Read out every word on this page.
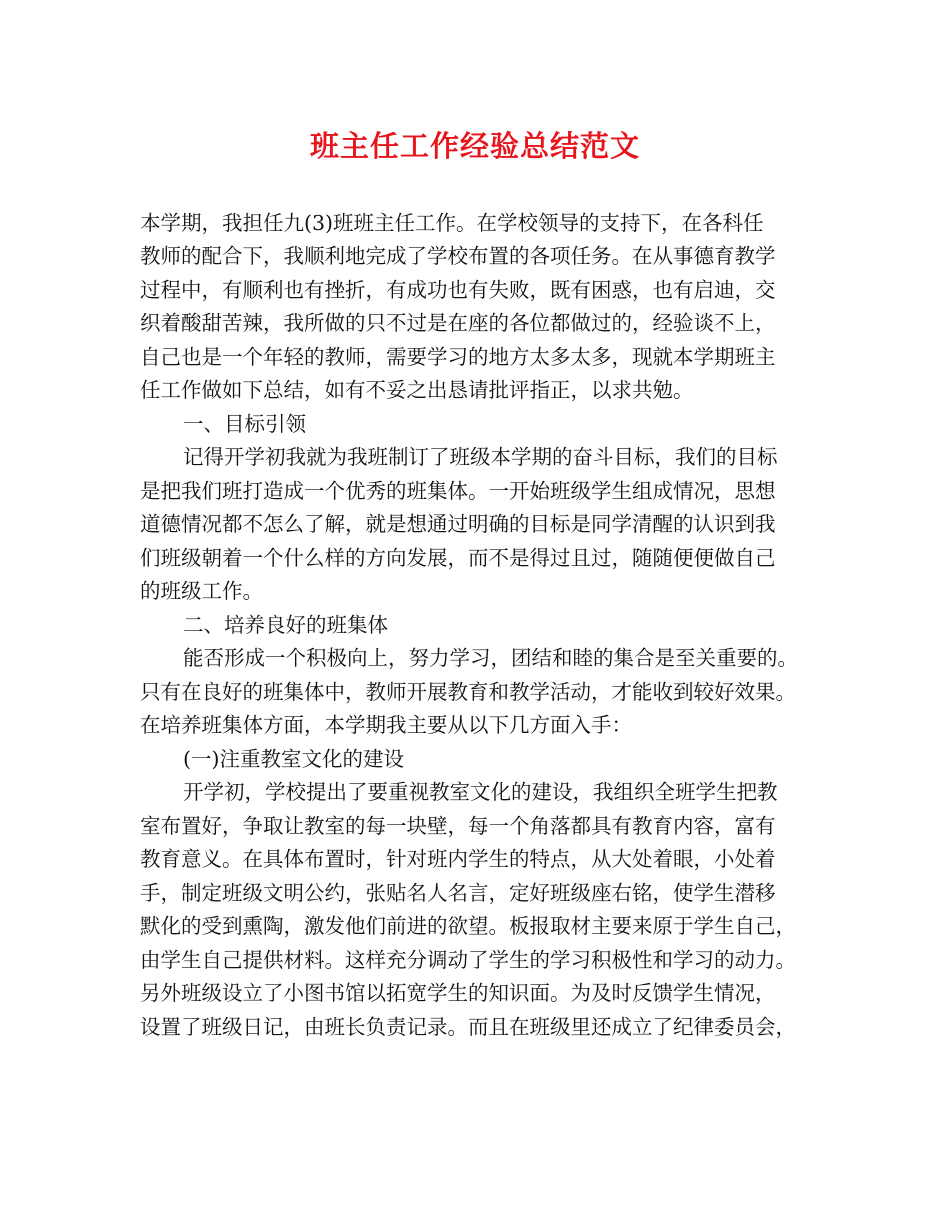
班主任工作经验总结范文
本学期，我担任九(3)班班主任工作。在学校领导的支持下，在各科任
教师的配合下，我顺利地完成了学校布置的各项任务。在从事德育教学
过程中，有顺利也有挫折，有成功也有失败，既有困惑，也有启迪，交
织着酸甜苦辣，我所做的只不过是在座的各位都做过的，经验谈不上，
自己也是一个年轻的教师，需要学习的地方太多太多，现就本学期班主
任工作做如下总结，如有不妥之出恳请批评指正，以求共勉。
一、目标引领
记得开学初我就为我班制订了班级本学期的奋斗目标，我们的目标
是把我们班打造成一个优秀的班集体。一开始班级学生组成情况，思想
道德情况都不怎么了解，就是想通过明确的目标是同学清醒的认识到我
们班级朝着一个什么样的方向发展，而不是得过且过，随随便便做自己
的班级工作。
二、培养良好的班集体
能否形成一个积极向上，努力学习，团结和睦的集合是至关重要的。
只有在良好的班集体中，教师开展教育和教学活动，才能收到较好效果。
在培养班集体方面，本学期我主要从以下几方面入手：
(一)注重教室文化的建设
开学初，学校提出了要重视教室文化的建设，我组织全班学生把教
室布置好，争取让教室的每一块壁，每一个角落都具有教育内容，富有
教育意义。在具体布置时，针对班内学生的特点，从大处着眼，小处着
手，制定班级文明公约，张贴名人名言，定好班级座右铭，使学生潜移
默化的受到熏陶，激发他们前进的欲望。板报取材主要来原于学生自己，
由学生自己提供材料。这样充分调动了学生的学习积极性和学习的动力。
另外班级设立了小图书馆以拓宽学生的知识面。为及时反馈学生情况，
设置了班级日记，由班长负责记录。而且在班级里还成立了纪律委员会，
